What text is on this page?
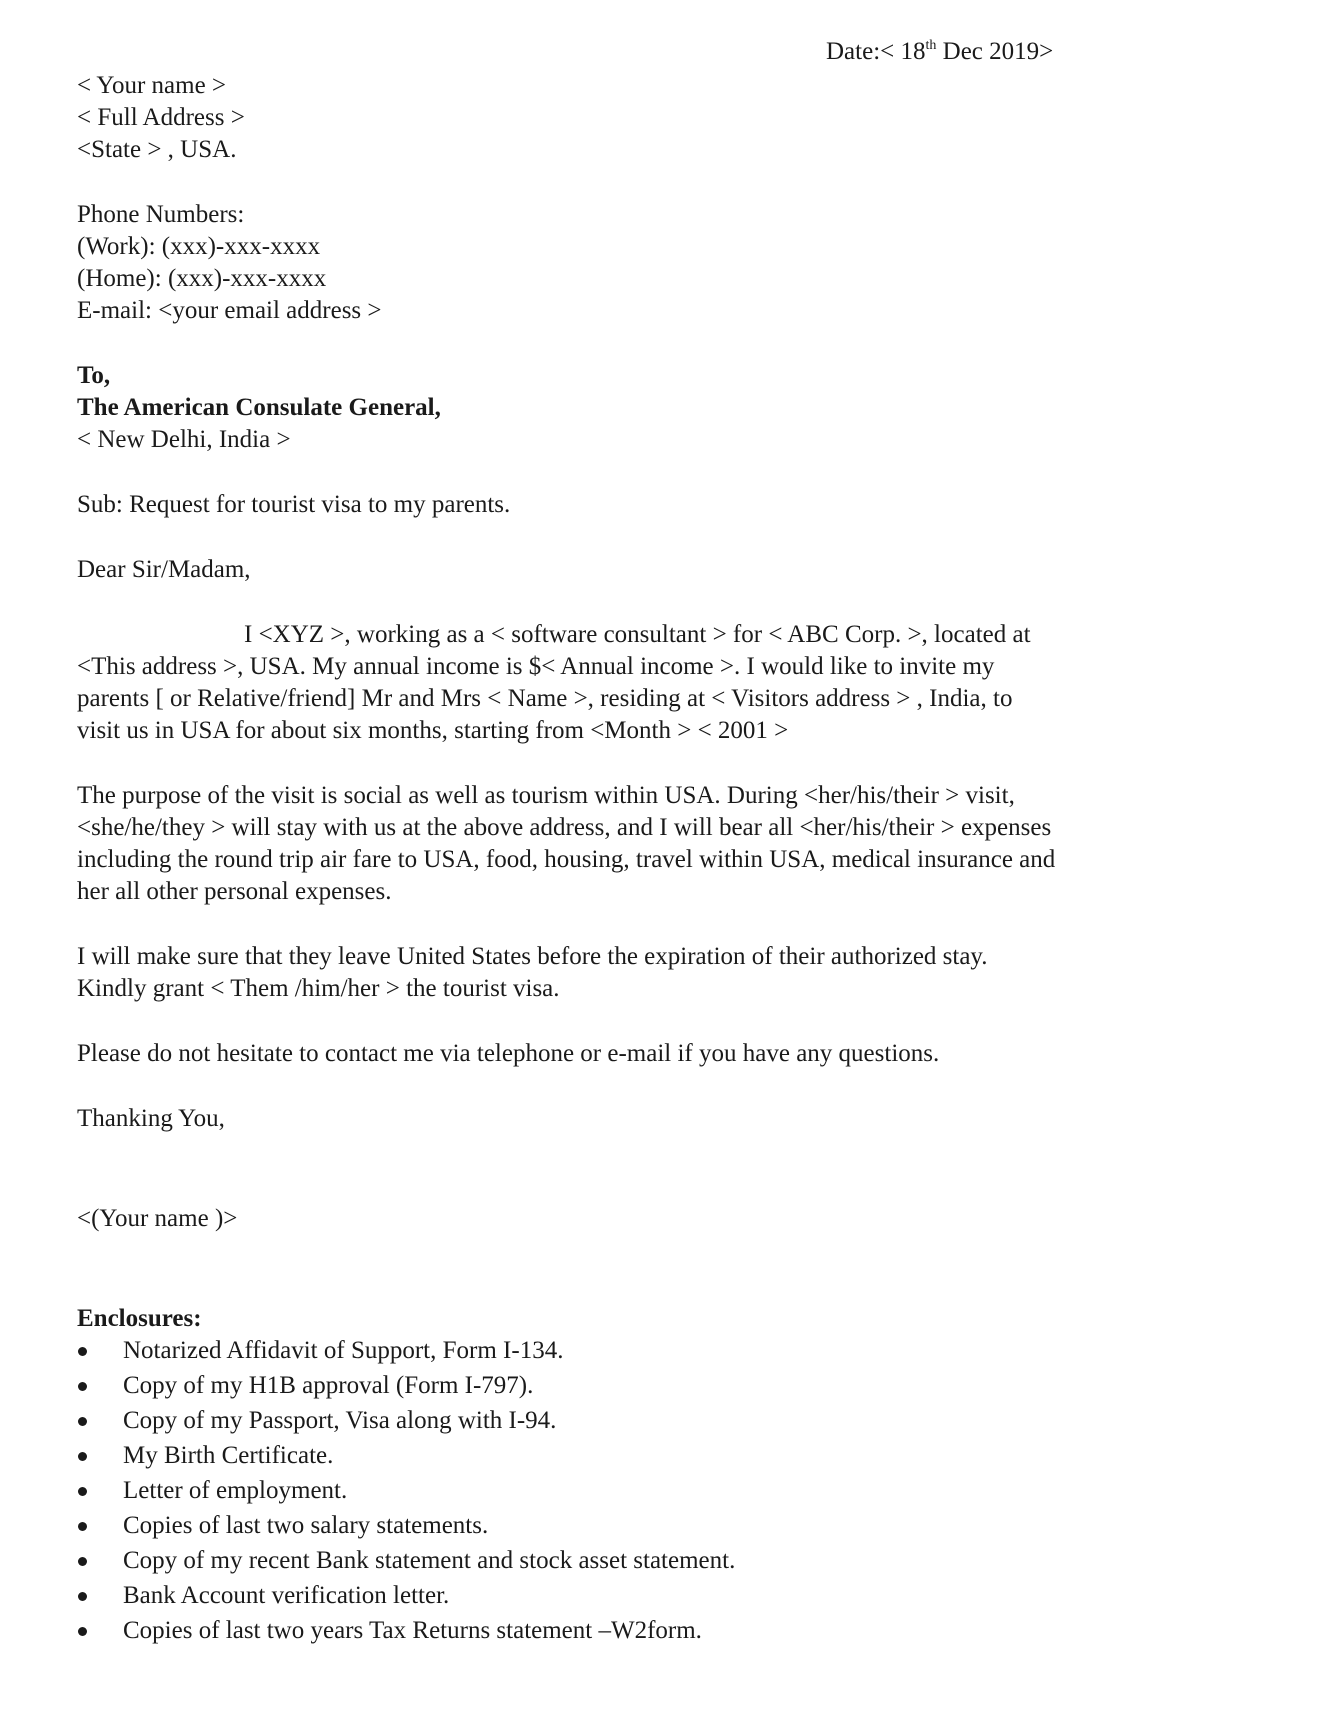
Date:< 18th Dec 2019>
< Your name >
< Full Address >
<State > , USA.
Phone Numbers:
(Work): (xxx)-xxx-xxxx
(Home): (xxx)-xxx-xxxx
E-mail: <your email address >
To,
The American Consulate General,
< New Delhi, India >
Sub: Request for tourist visa to my parents.
Dear Sir/Madam,
I <XYZ >, working as a < software consultant > for < ABC Corp. >, located at
<This address >, USA. My annual income is $< Annual income >. I would like to invite my
parents [ or Relative/friend] Mr and Mrs < Name >, residing at < Visitors address > , India, to
visit us in USA for about six months, starting from <Month > < 2001 >
The purpose of the visit is social as well as tourism within USA. During <her/his/their > visit,
<she/he/they > will stay with us at the above address, and I will bear all <her/his/their > expenses
including the round trip air fare to USA, food, housing, travel within USA, medical insurance and
her all other personal expenses.
I will make sure that they leave United States before the expiration of their authorized stay.
Kindly grant < Them /him/her > the tourist visa.
Please do not hesitate to contact me via telephone or e-mail if you have any questions.
Thanking You,
<(Your name )>
Enclosures:
Notarized Affidavit of Support, Form I-134.
Copy of my H1B approval (Form I-797).
Copy of my Passport, Visa along with I-94.
My Birth Certificate.
Letter of employment.
Copies of last two salary statements.
Copy of my recent Bank statement and stock asset statement.
Bank Account verification letter.
Copies of last two years Tax Returns statement –W2form.
